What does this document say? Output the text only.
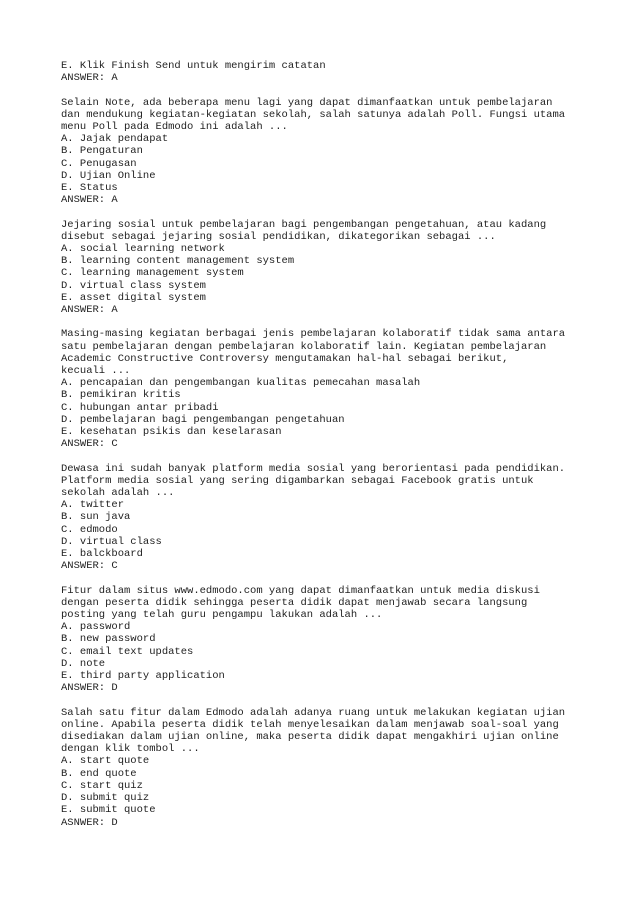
E. Klik Finish Send untuk mengirim catatan
ANSWER: A
Selain Note, ada beberapa menu lagi yang dapat dimanfaatkan untuk pembelajaran
dan mendukung kegiatan-kegiatan sekolah, salah satunya adalah Poll. Fungsi utama
menu Poll pada Edmodo ini adalah ...
A. Jajak pendapat
B. Pengaturan
C. Penugasan
D. Ujian Online
E. Status
ANSWER: A
Jejaring sosial untuk pembelajaran bagi pengembangan pengetahuan, atau kadang
disebut sebagai jejaring sosial pendidikan, dikategorikan sebagai ...
A. social learning network
B. learning content management system
C. learning management system
D. virtual class system
E. asset digital system
ANSWER: A
Masing-masing kegiatan berbagai jenis pembelajaran kolaboratif tidak sama antara
satu pembelajaran dengan pembelajaran kolaboratif lain. Kegiatan pembelajaran
Academic Constructive Controversy mengutamakan hal-hal sebagai berikut,
kecuali ...
A. pencapaian dan pengembangan kualitas pemecahan masalah
B. pemikiran kritis
C. hubungan antar pribadi
D. pembelajaran bagi pengembangan pengetahuan
E. kesehatan psikis dan keselarasan
ANSWER: C
Dewasa ini sudah banyak platform media sosial yang berorientasi pada pendidikan.
Platform media sosial yang sering digambarkan sebagai Facebook gratis untuk
sekolah adalah ...
A. twitter
B. sun java
C. edmodo
D. virtual class
E. balckboard
ANSWER: C
Fitur dalam situs www.edmodo.com yang dapat dimanfaatkan untuk media diskusi
dengan peserta didik sehingga peserta didik dapat menjawab secara langsung
posting yang telah guru pengampu lakukan adalah ...
A. password
B. new password
C. email text updates
D. note
E. third party application
ANSWER: D
Salah satu fitur dalam Edmodo adalah adanya ruang untuk melakukan kegiatan ujian
online. Apabila peserta didik telah menyelesaikan dalam menjawab soal-soal yang
disediakan dalam ujian online, maka peserta didik dapat mengakhiri ujian online
dengan klik tombol ...
A. start quote
B. end quote
C. start quiz
D. submit quiz
E. submit quote
ASNWER: D
